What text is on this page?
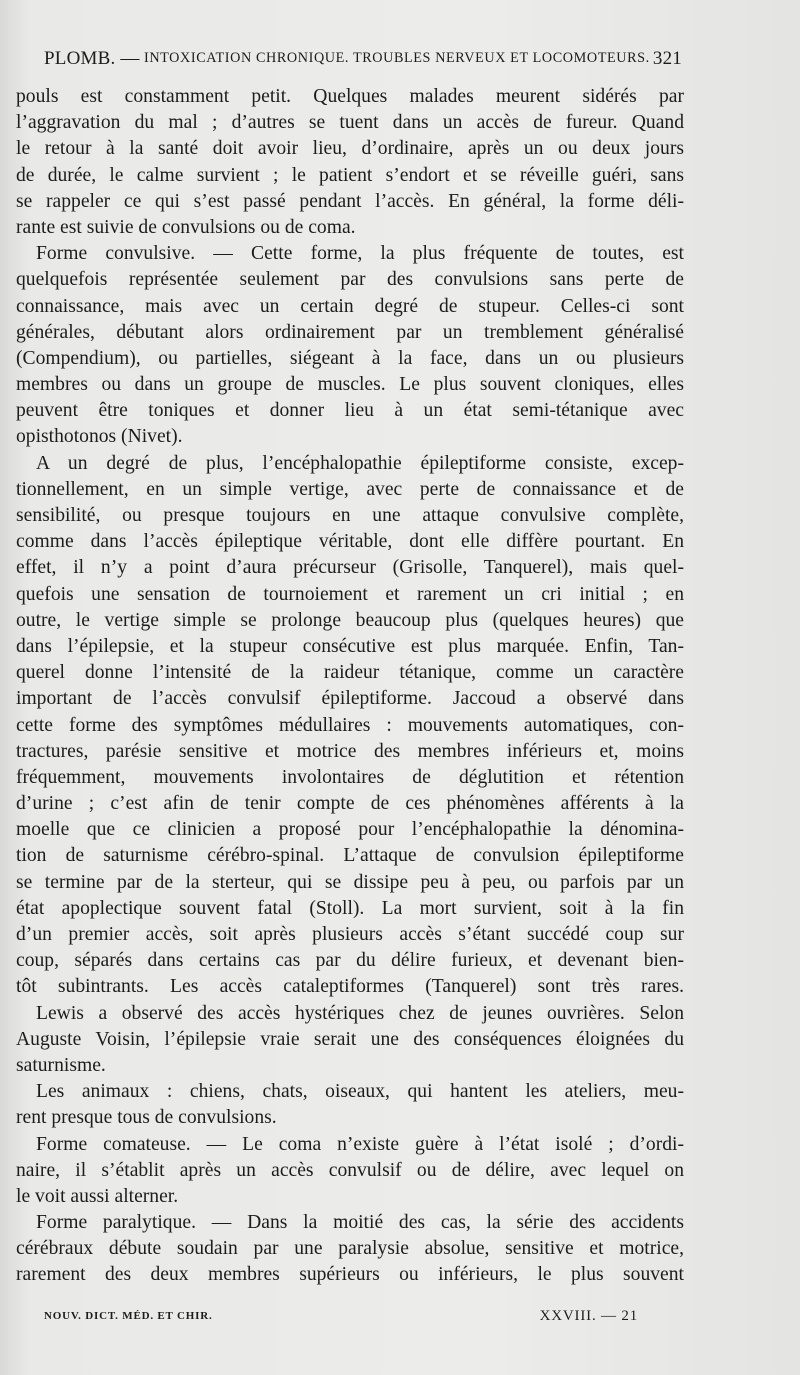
PLOMB. — INTOXICATION CHRONIQUE. TROUBLES NERVEUX ET LOCOMOTEURS. 321
pouls est constamment petit. Quelques malades meurent sidérés par
l’aggravation du mal ; d’autres se tuent dans un accès de fureur. Quand
le retour à la santé doit avoir lieu, d’ordinaire, après un ou deux jours
de durée, le calme survient ; le patient s’endort et se réveille guéri, sans
se rappeler ce qui s’est passé pendant l’accès. En général, la forme déli-
rante est suivie de convulsions ou de coma.
Forme convulsive. — Cette forme, la plus fréquente de toutes, est
quelquefois représentée seulement par des convulsions sans perte de
connaissance, mais avec un certain degré de stupeur. Celles-ci sont
générales, débutant alors ordinairement par un tremblement généralisé
(Compendium), ou partielles, siégeant à la face, dans un ou plusieurs
membres ou dans un groupe de muscles. Le plus souvent cloniques, elles
peuvent être toniques et donner lieu à un état semi-tétanique avec
opisthotonos (Nivet).
A un degré de plus, l’encéphalopathie épileptiforme consiste, excep-
tionnellement, en un simple vertige, avec perte de connaissance et de
sensibilité, ou presque toujours en une attaque convulsive complète,
comme dans l’accès épileptique véritable, dont elle diffère pourtant. En
effet, il n’y a point d’aura précurseur (Grisolle, Tanquerel), mais quel-
quefois une sensation de tournoiement et rarement un cri initial ; en
outre, le vertige simple se prolonge beaucoup plus (quelques heures) que
dans l’épilepsie, et la stupeur consécutive est plus marquée. Enfin, Tan-
querel donne l’intensité de la raideur tétanique, comme un caractère
important de l’accès convulsif épileptiforme. Jaccoud a observé dans
cette forme des symptômes médullaires : mouvements automatiques, con-
tractures, parésie sensitive et motrice des membres inférieurs et, moins
fréquemment, mouvements involontaires de déglutition et rétention
d’urine ; c’est afin de tenir compte de ces phénomènes afférents à la
moelle que ce clinicien a proposé pour l’encéphalopathie la dénomina-
tion de saturnisme cérébro-spinal. L’attaque de convulsion épileptiforme
se termine par de la sterteur, qui se dissipe peu à peu, ou parfois par un
état apoplectique souvent fatal (Stoll). La mort survient, soit à la fin
d’un premier accès, soit après plusieurs accès s’étant succédé coup sur
coup, séparés dans certains cas par du délire furieux, et devenant bien-
tôt subintrants. Les accès cataleptiformes (Tanquerel) sont très rares.
Lewis a observé des accès hystériques chez de jeunes ouvrières. Selon
Auguste Voisin, l’épilepsie vraie serait une des conséquences éloignées du
saturnisme.
Les animaux : chiens, chats, oiseaux, qui hantent les ateliers, meu-
rent presque tous de convulsions.
Forme comateuse. — Le coma n’existe guère à l’état isolé ; d’ordi-
naire, il s’établit après un accès convulsif ou de délire, avec lequel on
le voit aussi alterner.
Forme paralytique. — Dans la moitié des cas, la série des accidents
cérébraux débute soudain par une paralysie absolue, sensitive et motrice,
rarement des deux membres supérieurs ou inférieurs, le plus souvent
NOUV. DICT. MÉD. ET CHIR.	XXVIII. — 21
